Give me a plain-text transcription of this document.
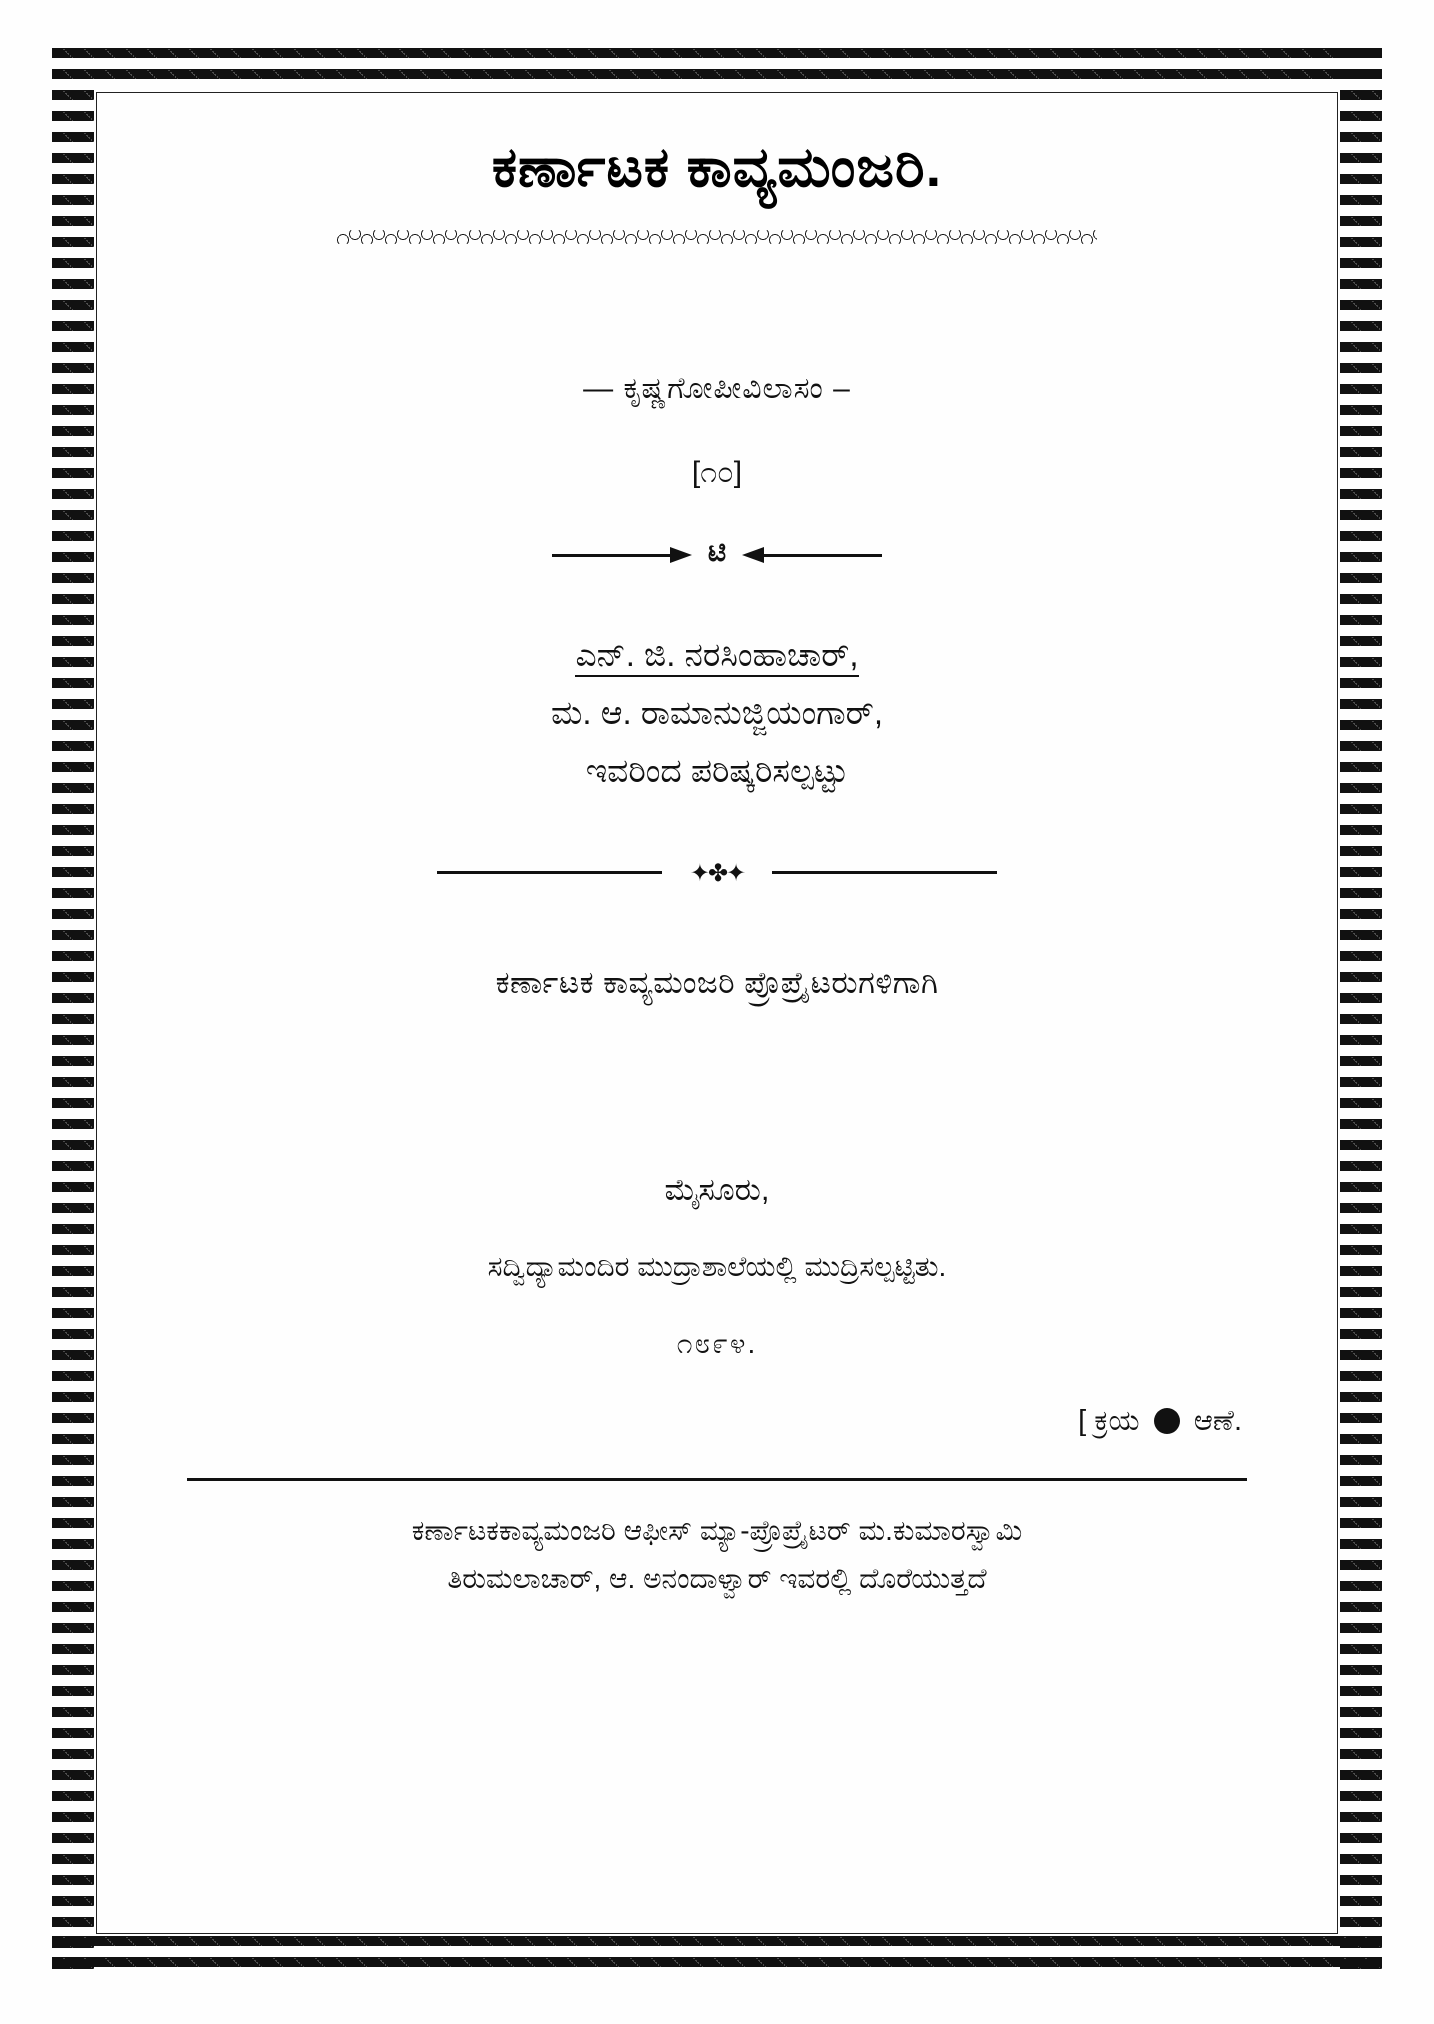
ಕರ್ಣಾಟಕ ಕಾವ್ಯಮಂಜರಿ.
— ಕೃಷ್ಣಗೋಪೀವಿಲಾಸಂ –
[೧೦]
ಟಿ
ಎನ್. ಜಿ. ನರಸಿಂಹಾಚಾರ್,
ಮ. ಆ. ರಾಮಾನುಜ್ಜಿಯಂಗಾರ್,
ಇವರಿಂದ ಪರಿಷ್ಕರಿಸಲ್ಪಟ್ಟು
✦✤✦
ಕರ್ಣಾಟಕ ಕಾವ್ಯಮಂಜರಿ ಪ್ರೊಪ್ರೈಟರುಗಳಿಗಾಗಿ
ಮೈಸೂರು,
ಸದ್ವಿದ್ಯಾಮಂದಿರ ಮುದ್ರಾಶಾಲೆಯಲ್ಲಿ ಮುದ್ರಿಸಲ್ಪಟ್ಟಿತು.
೧೮೯೪.
[ ಕ್ರಯ ಆಣೆ.
ಕರ್ಣಾಟಕಕಾವ್ಯಮಂಜರಿ ಆಫೀಸ್ ಮ್ಯಾ-ಪ್ರೊಪ್ರೈಟರ್ ಮ.ಕುಮಾರಸ್ವಾಮಿ
ತಿರುಮಲಾಚಾರ್, ಆ. ಅನಂದಾಳ್ವಾರ್ ಇವರಲ್ಲಿ ದೊರೆಯುತ್ತದೆ
